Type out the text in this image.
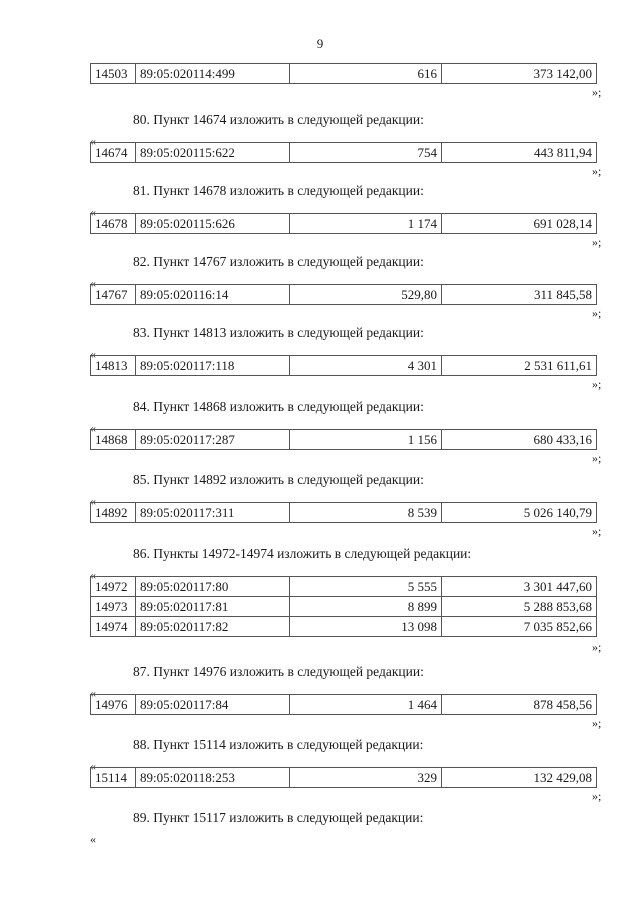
9
14503	89:05:020114:499	616	373 142,00
»;
80. Пункт 14674 изложить в следующей редакции:
«
14674	89:05:020115:622	754	443 811,94
»;
81. Пункт 14678 изложить в следующей редакции:
«
14678	89:05:020115:626	1 174	691 028,14
»;
82. Пункт 14767 изложить в следующей редакции:
«
14767	89:05:020116:14	529,80	311 845,58
»;
83. Пункт 14813 изложить в следующей редакции:
«
14813	89:05:020117:118	4 301	2 531 611,61
»;
84. Пункт 14868 изложить в следующей редакции:
«
14868	89:05:020117:287	1 156	680 433,16
»;
85. Пункт 14892 изложить в следующей редакции:
«
14892	89:05:020117:311	8 539	5 026 140,79
»;
86. Пункты 14972-14974 изложить в следующей редакции:
«
14972	89:05:020117:80	5 555	3 301 447,60
14973	89:05:020117:81	8 899	5 288 853,68
14974	89:05:020117:82	13 098	7 035 852,66
»;
87. Пункт 14976 изложить в следующей редакции:
«
14976	89:05:020117:84	1 464	878 458,56
»;
88. Пункт 15114 изложить в следующей редакции:
«
15114	89:05:020118:253	329	132 429,08
»;
89. Пункт 15117 изложить в следующей редакции:
«
